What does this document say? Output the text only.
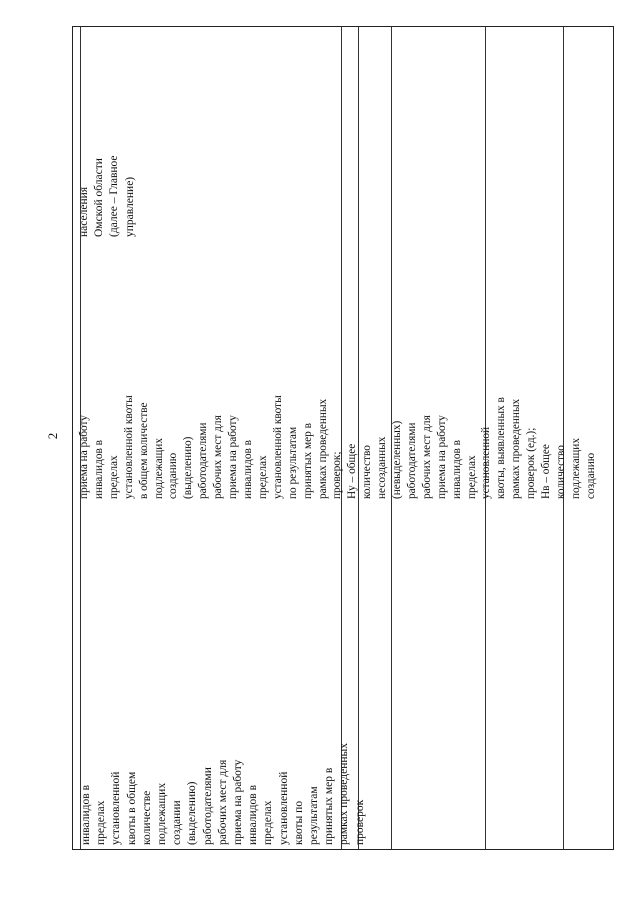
2
инвалидов в пределах установленной квоты в общем количестве подлежащих создании (выделению) работодателями рабочих мест для приема на работу инвалидов в пределах установленной квоты по результатам принятых мер в рамках проведенных проверок
приема на работу инвалидов в пределах установленной квоты в общем количестве подлежащих созданию (выделению) работодателями рабочих мест для приема на работу инвалидов в пределах установленной квоты по результатам принятых мер в рамках проведенных проверок; Ну – общее количество несозданных (невыделенных) работодателями рабочих мест для приема на работу инвалидов в пределах установленной квоты, выявленных в рамках проведенных проверок (ед.); Нв – общее количество подлежащих созданию
населения Омской области (далее – Главное управление)
